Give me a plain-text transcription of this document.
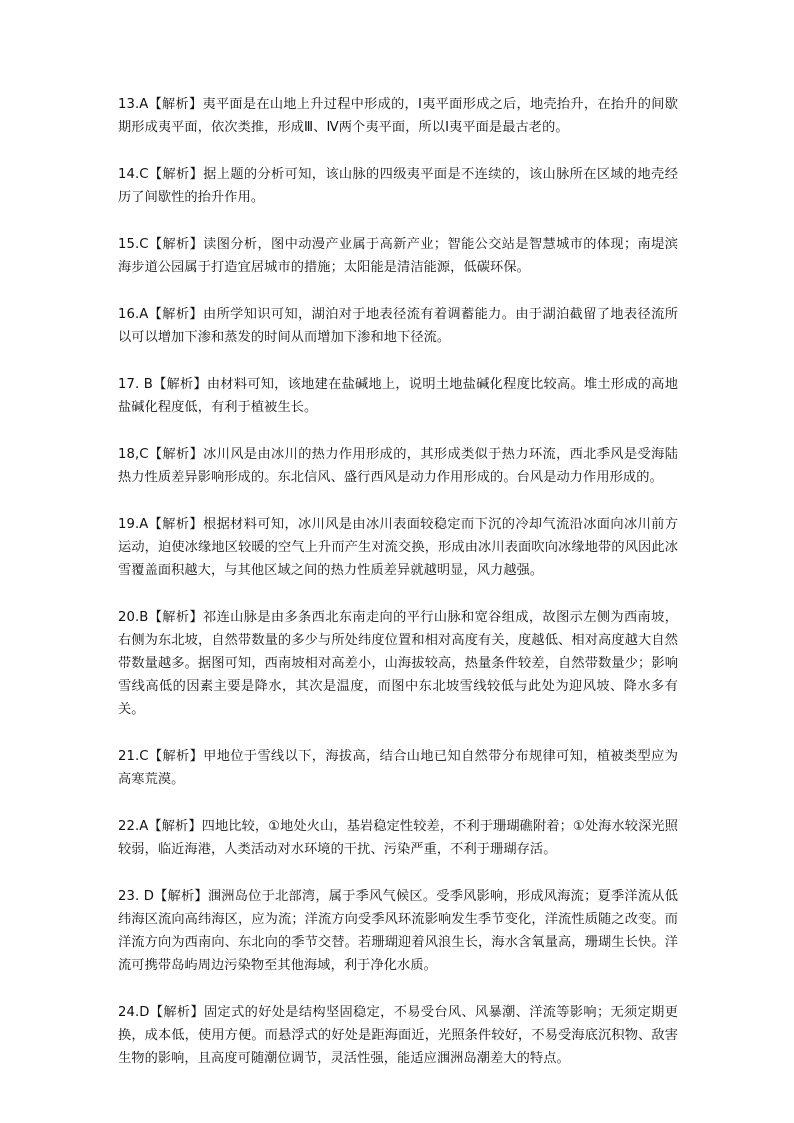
13.A【解析】夷平面是在山地上升过程中形成的，Ⅰ夷平面形成之后，地壳抬升，在抬升的间歇期形成夷平面，依次类推，形成Ⅲ、Ⅳ两个夷平面，所以Ⅰ夷平面是最古老的。

14.C【解析】据上题的分析可知，该山脉的四级夷平面是不连续的，该山脉所在区域的地壳经历了间歇性的抬升作用。

15.C【解析】读图分析，图中动漫产业属于高新产业；智能公交站是智慧城市的体现；南堤滨海步道公园属于打造宜居城市的措施；太阳能是清洁能源，低碳环保。

16.A【解析】由所学知识可知，湖泊对于地表径流有着调蓄能力。由于湖泊截留了地表径流所以可以增加下渗和蒸发的时间从而增加下渗和地下径流。

17. B【解析】由材料可知，该地建在盐碱地上，说明土地盐碱化程度比较高。堆土形成的高地盐碱化程度低，有利于植被生长。

18,C【解析】冰川风是由冰川的热力作用形成的，其形成类似于热力环流，西北季风是受海陆热力性质差异影响形成的。东北信风、盛行西风是动力作用形成的。台风是动力作用形成的。

19.A【解析】根据材料可知，冰川风是由冰川表面较稳定而下沉的冷却气流沿冰面向冰川前方运动，迫使冰缘地区较暖的空气上升而产生对流交换，形成由冰川表面吹向冰缘地带的风因此冰雪覆盖面积越大，与其他区域之间的热力性质差异就越明显，风力越强。

20.B【解析】祁连山脉是由多条西北东南走向的平行山脉和宽谷组成，故图示左侧为西南坡，右侧为东北坡，自然带数量的多少与所处纬度位置和相对高度有关，度越低、相对高度越大自然带数量越多。据图可知，西南坡相对高差小，山海拔较高，热量条件较差，自然带数量少；影响雪线高低的因素主要是降水，其次是温度，而图中东北坡雪线较低与此处为迎风坡、降水多有关。

21.C【解析】甲地位于雪线以下，海拔高，结合山地已知自然带分布规律可知，植被类型应为高寒荒漠。

22.A【解析】四地比较，①地处火山，基岩稳定性较差，不利于珊瑚礁附着；①处海水较深光照较弱，临近海港，人类活动对水环境的干扰、污染严重，不利于珊瑚存活。

23. D【解析】涠洲岛位于北部湾，属于季风气候区。受季风影响，形成风海流；夏季洋流从低纬海区流向高纬海区，应为流；洋流方向受季风环流影响发生季节变化，洋流性质随之改变。而洋流方向为西南向、东北向的季节交替。若珊瑚迎着风浪生长，海水含氧量高，珊瑚生长快。洋流可携带岛屿周边污染物至其他海域，利于净化水质。

24.D【解析】固定式的好处是结构坚固稳定，不易受台风、风暴潮、洋流等影响；无须定期更换，成本低，使用方便。而悬浮式的好处是距海面近，光照条件较好，不易受海底沉积物、敌害生物的影响，且高度可随潮位调节，灵活性强，能适应涠洲岛潮差大的特点。
